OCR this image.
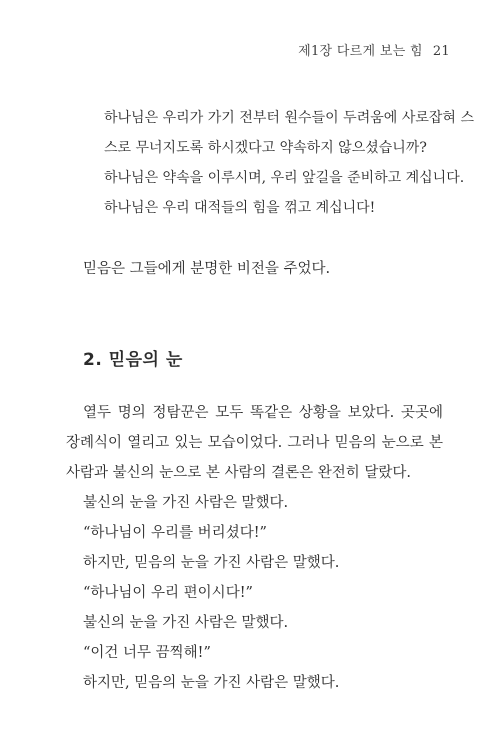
제1장 다르게 보는 힘 21

하나님은 우리가 가기 전부터 원수들이 두려움에 사로잡혀 스스로 무너지도록 하시겠다고 약속하지 않으셨습니까?

하나님은 약속을 이루시며, 우리 앞길을 준비하고 계십니다.

하나님은 우리 대적들의 힘을 꺾고 계십니다!

믿음은 그들에게 분명한 비전을 주었다.
2. 믿음의 눈

열두 명의 정탐꾼은 모두 똑같은 상황을 보았다. 곳곳에 장례식이 열리고 있는 모습이었다. 그러나 믿음의 눈으로 본 사람과 불신의 눈으로 본 사람의 결론은 완전히 달랐다.

불신의 눈을 가진 사람은 말했다.
“하나님이 우리를 버리셨다!”
하지만, 믿음의 눈을 가진 사람은 말했다.
“하나님이 우리 편이시다!”
불신의 눈을 가진 사람은 말했다.
“이건 너무 끔찍해!”
하지만, 믿음의 눈을 가진 사람은 말했다.
